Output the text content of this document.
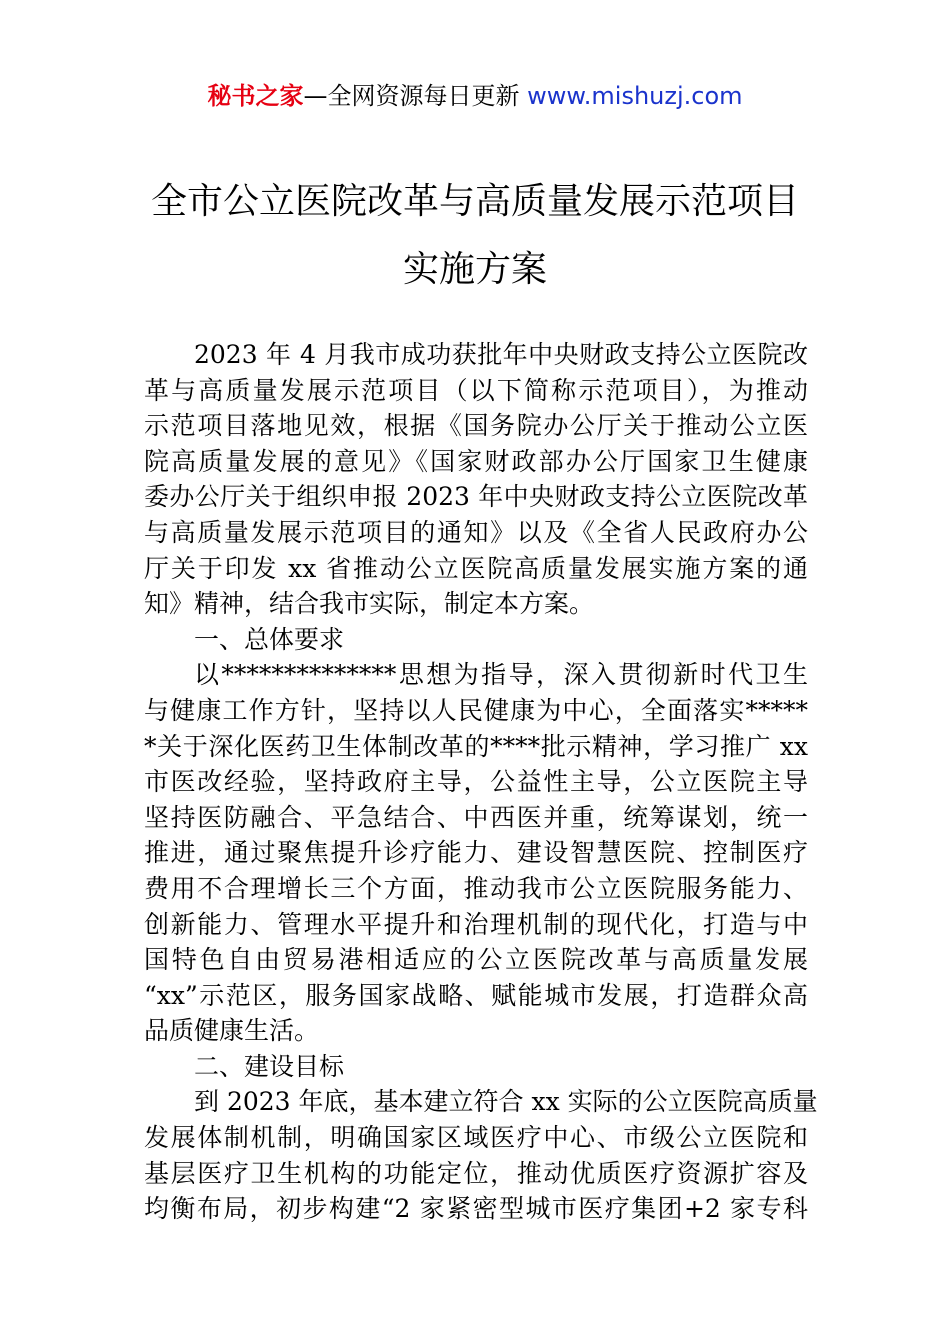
秘书之家—全网资源每日更新 www.mishuzj.com
全市公立医院改革与高质量发展示范项目
实施方案
2023 年 4 月我市成功获批年中央财政支持公立医院改
革与高质量发展示范项目（以下简称示范项目），为推动
示范项目落地见效，根据《国务院办公厅关于推动公立医
院高质量发展的意见》《国家财政部办公厅国家卫生健康
委办公厅关于组织申报 2023 年中央财政支持公立医院改革
与高质量发展示范项目的通知》以及《全省人民政府办公
厅关于印发 xx 省推动公立医院高质量发展实施方案的通
知》精神，结合我市实际，制定本方案。
一、总体要求
以**************思想为指导，深入贯彻新时代卫生
与健康工作方针，坚持以人民健康为中心，全面落实*****
*关于深化医药卫生体制改革的****批示精神，学习推广 xx
市医改经验，坚持政府主导，公益性主导，公立医院主导
坚持医防融合、平急结合、中西医并重，统筹谋划，统一
推进，通过聚焦提升诊疗能力、建设智慧医院、控制医疗
费用不合理增长三个方面，推动我市公立医院服务能力、
创新能力、管理水平提升和治理机制的现代化，打造与中
国特色自由贸易港相适应的公立医院改革与高质量发展
“xx”示范区，服务国家战略、赋能城市发展，打造群众高
品质健康生活。
二、建设目标
到 2023 年底，基本建立符合 xx 实际的公立医院高质量
发展体制机制，明确国家区域医疗中心、市级公立医院和
基层医疗卫生机构的功能定位，推动优质医疗资源扩容及
均衡布局，初步构建“2 家紧密型城市医疗集团+2 家专科
